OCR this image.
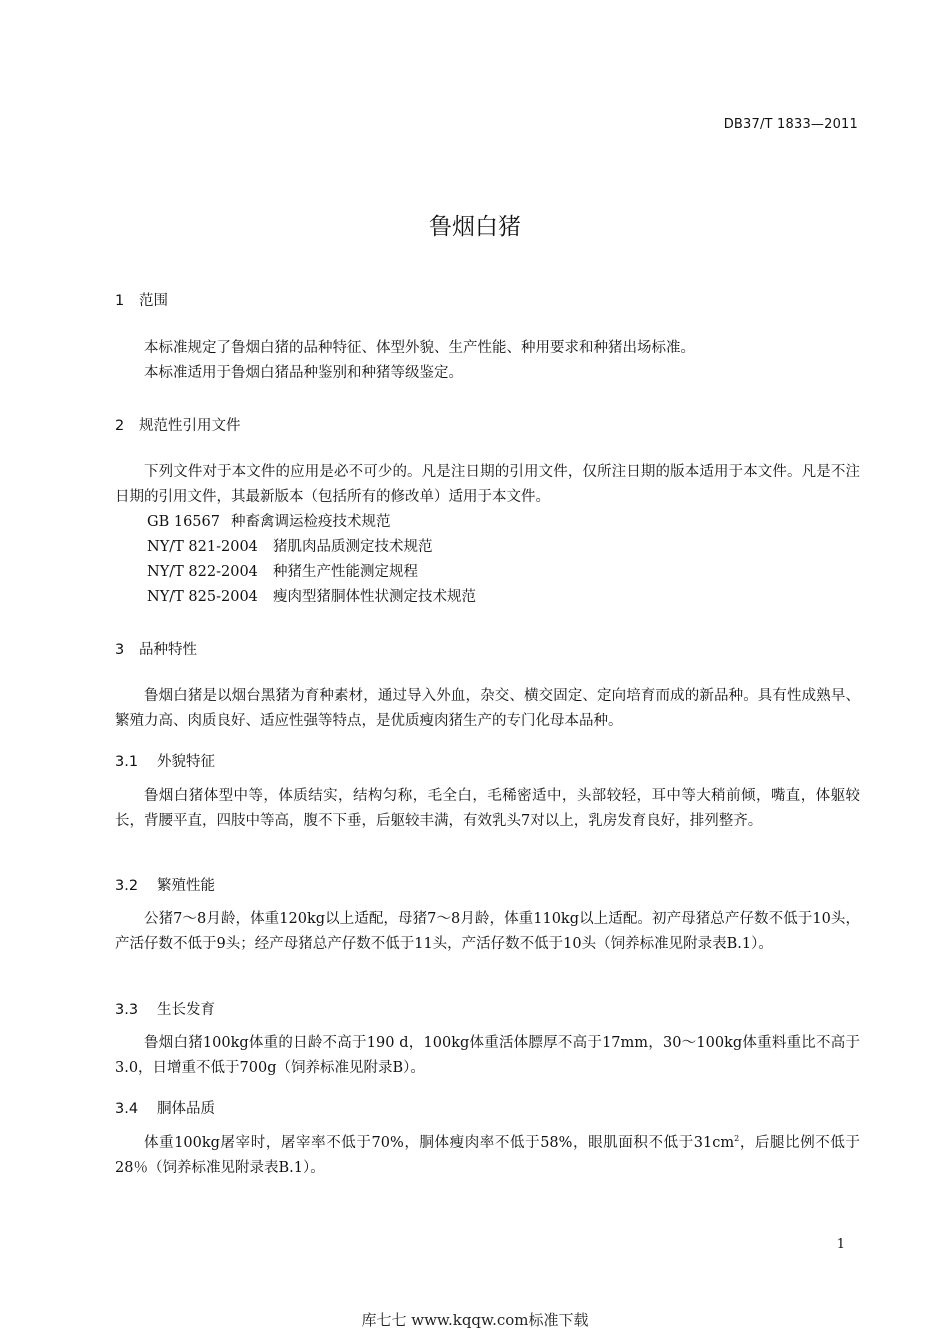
DB37/T 1833—2011
鲁烟白猪
1 范围

本标准规定了鲁烟白猪的品种特征、体型外貌、生产性能、种用要求和种猪出场标准。

本标准适用于鲁烟白猪品种鉴别和种猪等级鉴定。

2 规范性引用文件

下列文件对于本文件的应用是必不可少的。凡是注日期的引用文件，仅所注日期的版本适用于本文件。凡是不注日期的引用文件，其最新版本（包括所有的修改单）适用于本文件。

GB 16567 种畜禽调运检疫技术规范
NY/T 821-2004 猪肌肉品质测定技术规范
NY/T 822-2004 种猪生产性能测定规程
NY/T 825-2004 瘦肉型猪胴体性状测定技术规范
3 品种特性

鲁烟白猪是以烟台黑猪为育种素材，通过导入外血，杂交、横交固定、定向培育而成的新品种。具有性成熟早、繁殖力高、肉质良好、适应性强等特点，是优质瘦肉猪生产的专门化母本品种。

3.1 外貌特征

鲁烟白猪体型中等，体质结实，结构匀称，毛全白，毛稀密适中，头部较轻，耳中等大稍前倾，嘴直，体躯较长，背腰平直，四肢中等高，腹不下垂，后躯较丰满，有效乳头7对以上，乳房发育良好，排列整齐。

3.2 繁殖性能

公猪7～8月龄，体重120kg以上适配，母猪7～8月龄，体重110kg以上适配。初产母猪总产仔数不低于10头，产活仔数不低于9头；经产母猪总产仔数不低于11头，产活仔数不低于10头（饲养标准见附录表B.1）。

3.3 生长发育

鲁烟白猪100kg体重的日龄不高于190 d，100kg体重活体膘厚不高于17mm，30～100kg体重料重比不高于3.0，日增重不低于700g（饲养标准见附录B）。

3.4 胴体品质

体重100kg屠宰时，屠宰率不低于70%，胴体瘦肉率不低于58%，眼肌面积不低于$31cm^2$，后腿比例不低于28％（饲养标准见附录表B.1）。

1
库七七 www.kqqw.com标准下载
